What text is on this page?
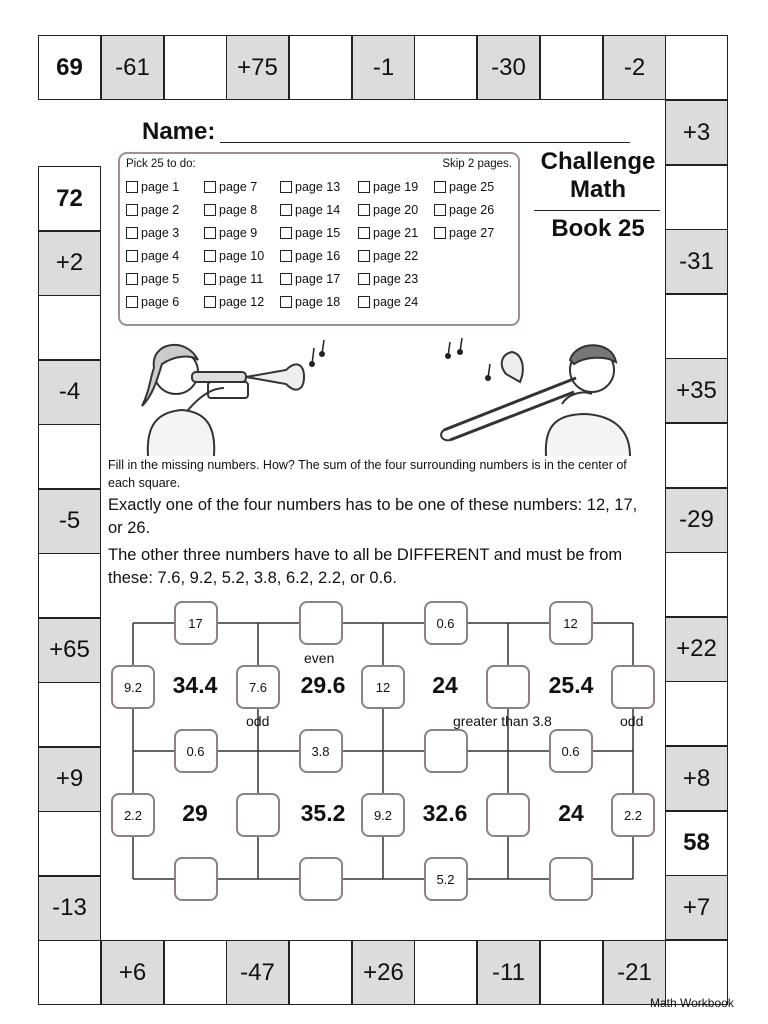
69	-61	+75	-1	-30	-2
+6	-47	+26	-11	-21
72
+2
-4
-5
+65
+9
-13
+3
-31
+35
-29
+22
+8
58
+7
Name:
Pick 25 to do:	Skip 2 pages.
page 1
page 2
page 3
page 4
page 5
page 6
page 7
page 8
page 9
page 10
page 11
page 12
page 13
page 14
page 15
page 16
page 17
page 18
page 19
page 20
page 21
page 22
page 23
page 24
page 25
page 26
page 27
Challenge
Math
Book 25
Fill in the missing numbers. How? The sum of the four surrounding numbers is in the center of each square.
Exactly one of the four numbers has to be one of these numbers: 12, 17, or 26.
The other three numbers have to all be DIFFERENT and must be from these: 7.6, 9.2, 5.2, 3.8, 6.2, 2.2, or 0.6.
17	0.6	12
0.6	3.8	0.6
5.2
9.2	7.6	12
2.2	9.2	2.2
34.4	29.6	24	25.4
29	35.2	32.6	24
even
odd	greater than 3.8	odd
Math Workbook
